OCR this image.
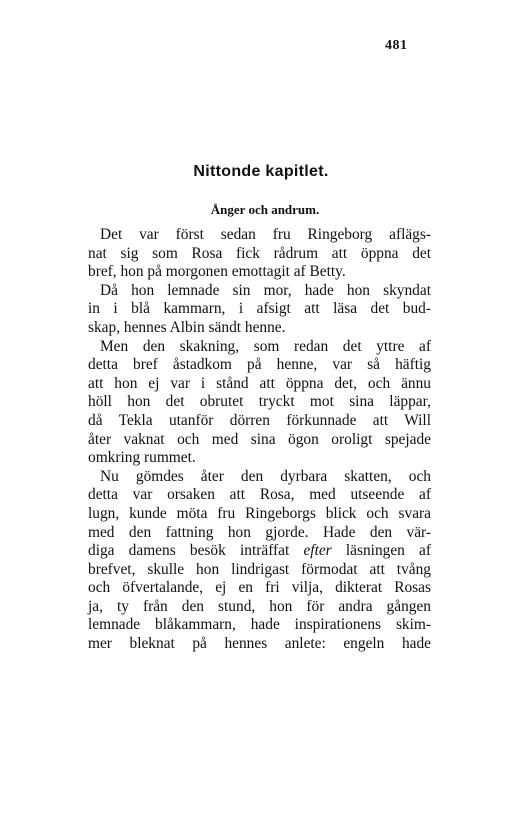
481
Nittonde kapitlet.
Ånger och andrum.
Det var först sedan fru Ringeborg aflägs-
nat sig som Rosa fick rådrum att öppna det
bref, hon på morgonen emottagit af Betty.
Då hon lemnade sin mor, hade hon skyndat
in i blå kammarn, i afsigt att läsa det bud-
skap, hennes Albin sändt henne.
Men den skakning, som redan det yttre af
detta bref åstadkom på henne, var så häftig
att hon ej var i stånd att öppna det, och ännu
höll hon det obrutet tryckt mot sina läppar,
då Tekla utanför dörren förkunnade att Will
åter vaknat och med sina ögon oroligt spejade
omkring rummet.
Nu gömdes åter den dyrbara skatten, och
detta var orsaken att Rosa, med utseende af
lugn, kunde möta fru Ringeborgs blick och svara
med den fattning hon gjorde. Hade den vär-
diga damens besök inträffat efter läsningen af
brefvet, skulle hon lindrigast förmodat att tvång
och öfvertalande, ej en fri vilja, dikterat Rosas
ja, ty från den stund, hon för andra gången
lemnade blåkammarn, hade inspirationens skim-
mer bleknat på hennes anlete: engeln hade
